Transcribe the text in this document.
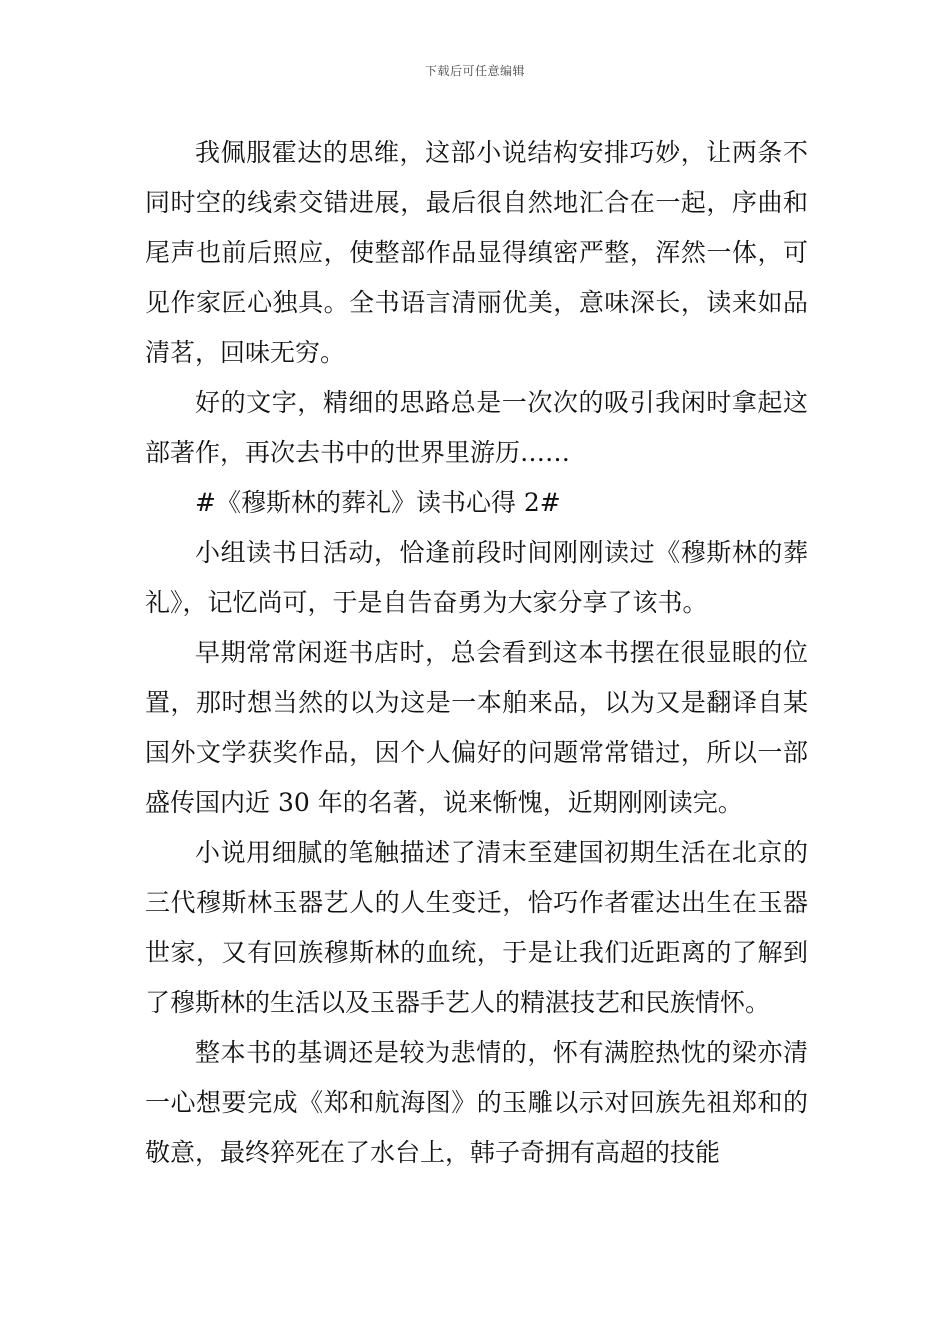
下载后可任意编辑

我佩服霍达的思维，这部小说结构安排巧妙，让两条不同时空的线索交错进展，最后很自然地汇合在一起，序曲和尾声也前后照应，使整部作品显得缜密严整，浑然一体，可见作家匠心独具。全书语言清丽优美，意味深长，读来如品清茗，回味无穷。

好的文字，精细的思路总是一次次的吸引我闲时拿起这部著作，再次去书中的世界里游历……

#《穆斯林的葬礼》读书心得 2#

小组读书日活动，恰逢前段时间刚刚读过《穆斯林的葬礼》，记忆尚可，于是自告奋勇为大家分享了该书。

早期常常闲逛书店时，总会看到这本书摆在很显眼的位置，那时想当然的以为这是一本舶来品，以为又是翻译自某国外文学获奖作品，因个人偏好的问题常常错过，所以一部盛传国内近 30 年的名著，说来惭愧，近期刚刚读完。

小说用细腻的笔触描述了清末至建国初期生活在北京的三代穆斯林玉器艺人的人生变迁，恰巧作者霍达出生在玉器世家，又有回族穆斯林的血统，于是让我们近距离的了解到了穆斯林的生活以及玉器手艺人的精湛技艺和民族情怀。

整本书的基调还是较为悲情的，怀有满腔热忱的梁亦清一心想要完成《郑和航海图》的玉雕以示对回族先祖郑和的敬意，最终猝死在了水台上，韩子奇拥有高超的技能
